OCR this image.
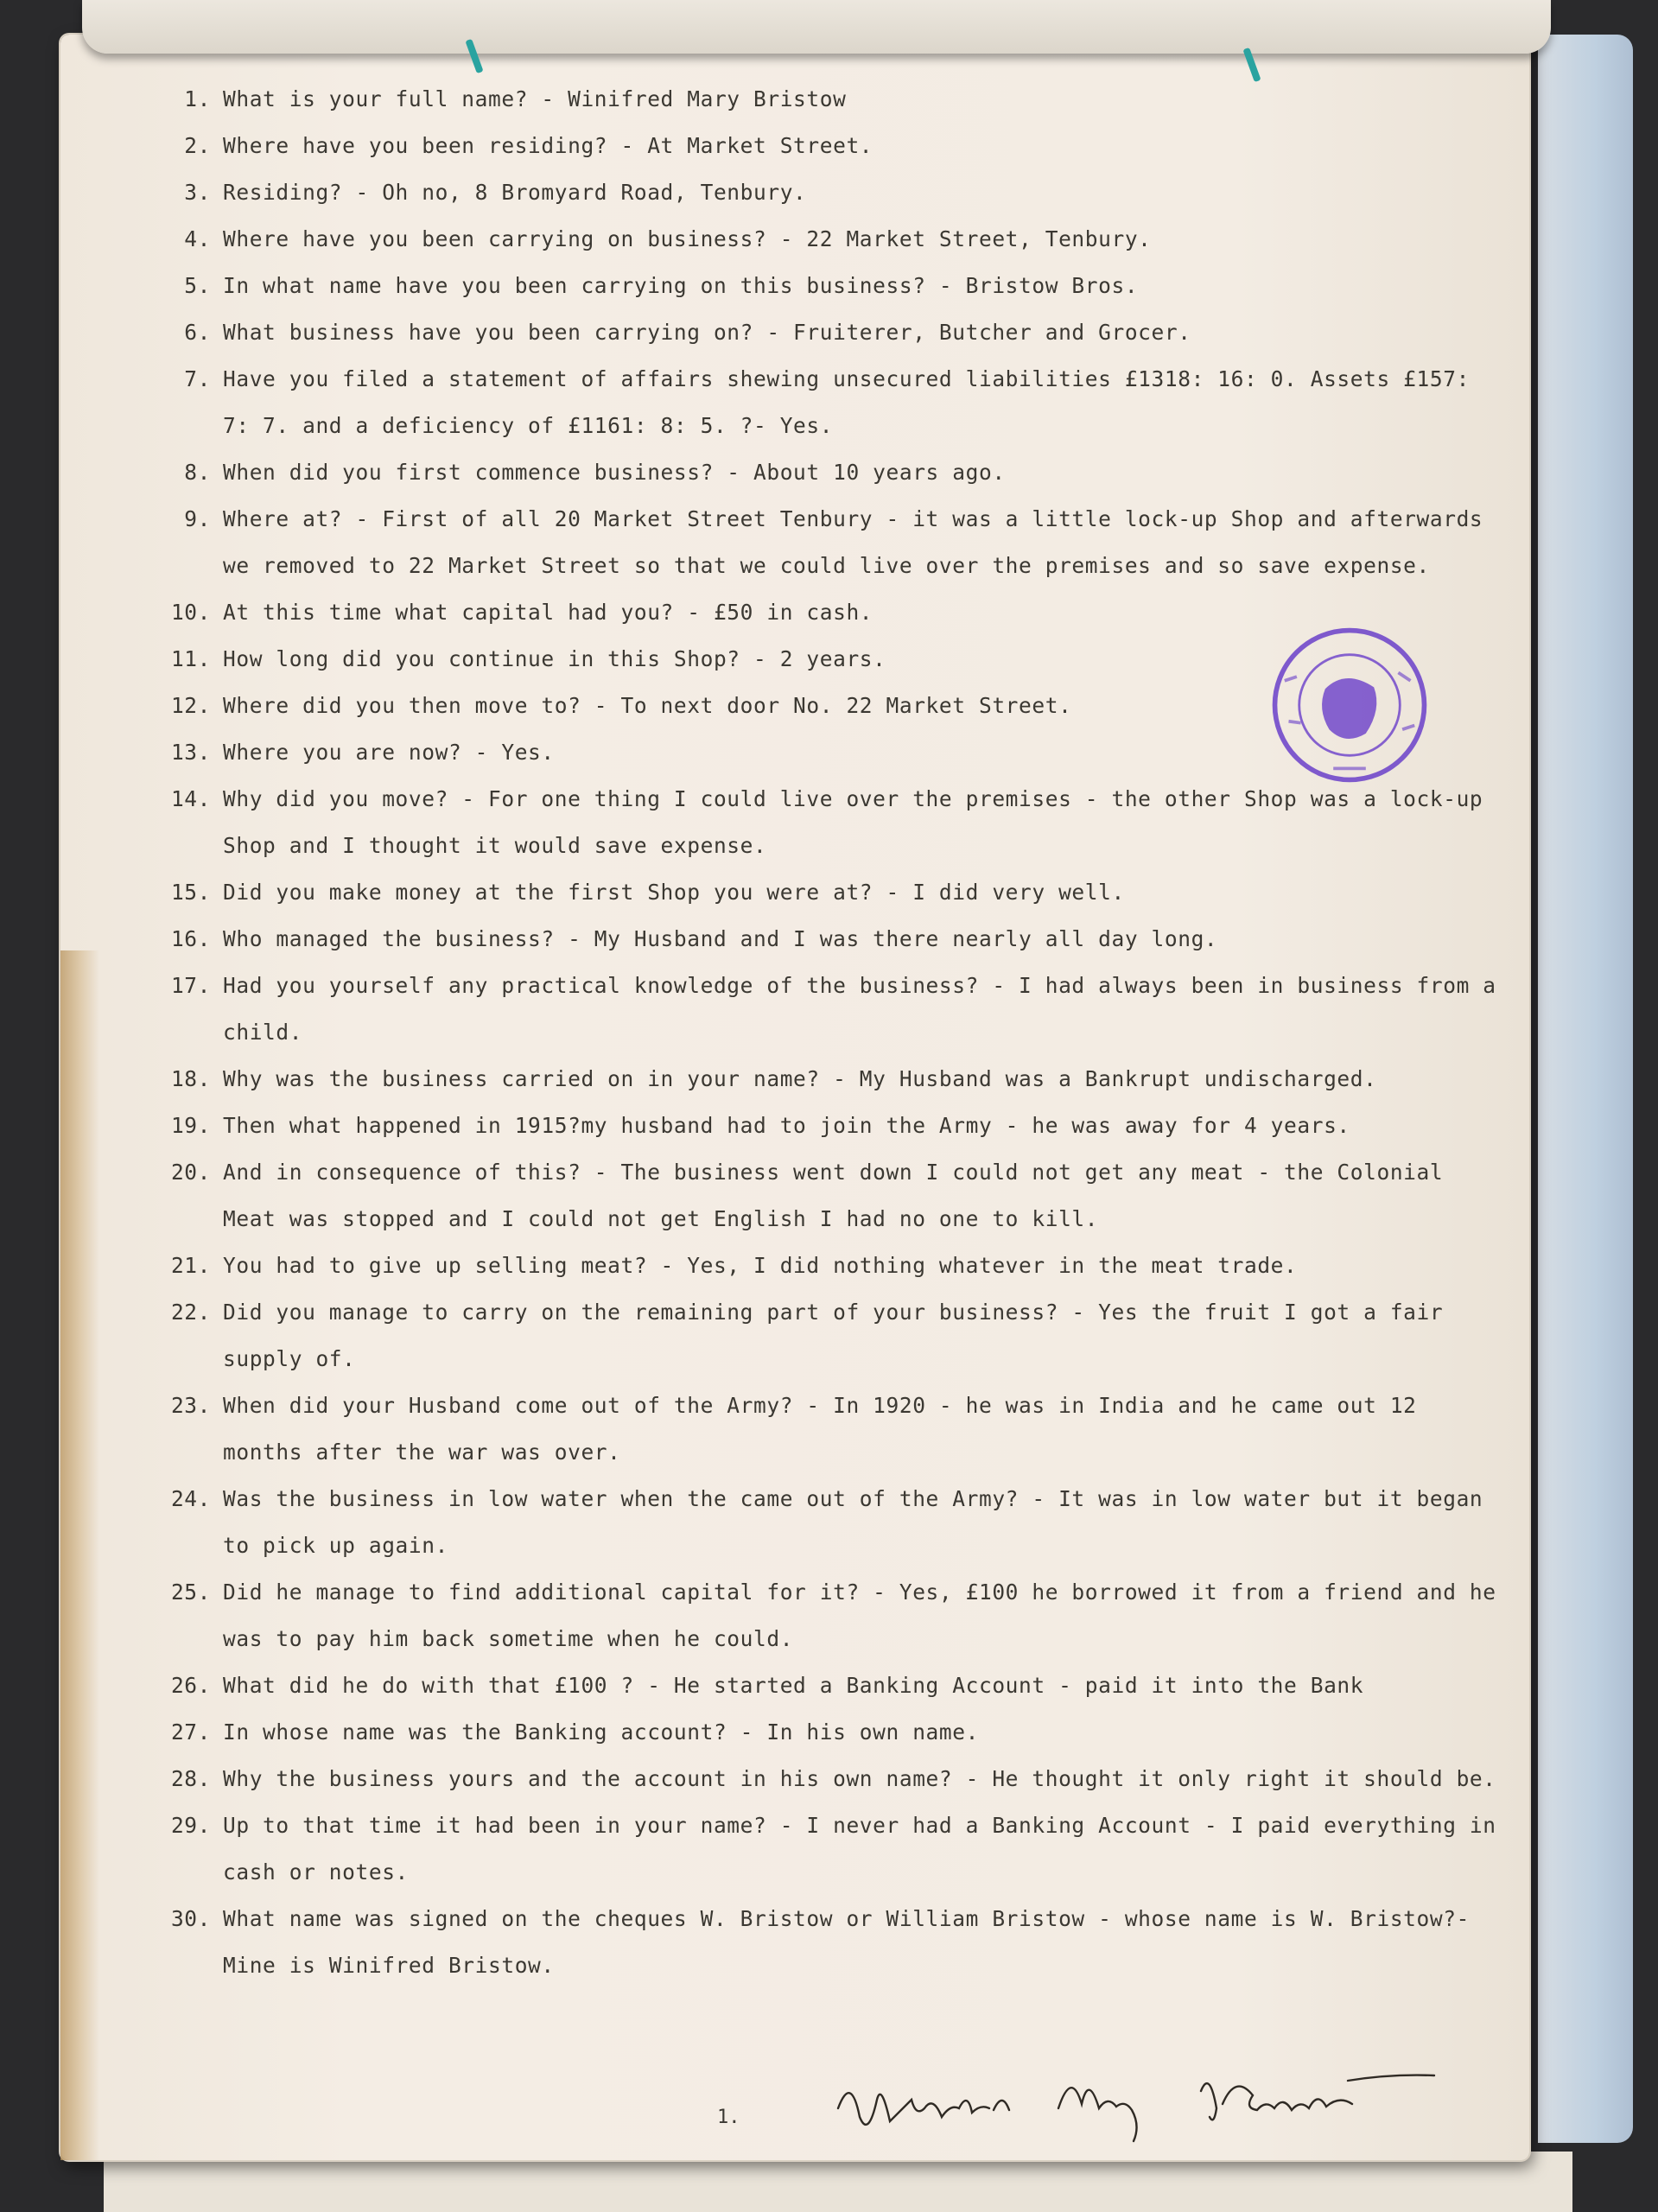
1. What is your full name? - Winifred Mary Bristow
2. Where have you been residing? - At Market Street.
3. Residing? - Oh no, 8 Bromyard Road, Tenbury.
4. Where have you been carrying on business? - 22 Market Street, Tenbury.
5. In what name have you been carrying on this business? - Bristow Bros.
6. What business have you been carrying on? - Fruiterer, Butcher and Grocer.
7. Have you filed a statement of affairs shewing unsecured liabilities £1318: 16: 0. Assets £157: 7: 7. and a deficiency of £1161: 8: 5. ?- Yes.
8. When did you first commence business? - About 10 years ago.
9. Where at? - First of all 20 Market Street Tenbury - it was a little lock-up Shop and afterwards we removed to 22 Market Street so that we could live over the premises and so save expense.
10. At this time what capital had you? - £50 in cash.
11. How long did you continue in this Shop? - 2 years.
12. Where did you then move to? - To next door No. 22 Market Street.
13. Where you are now? - Yes.
14. Why did you move? - For one thing I could live over the premises - the other Shop was a lock-up Shop and I thought it would save expense.
15. Did you make money at the first Shop you were at? - I did very well.
16. Who managed the business? - My Husband and I was there nearly all day long.
17. Had you yourself any practical knowledge of the business? - I had always been in business from a child.
18. Why was the business carried on in your name? - My Husband was a Bankrupt undischarged.
19. Then what happened in 1915?my husband had to join the Army - he was away for 4 years.
20. And in consequence of this? - The business went down I could not get any meat - the Colonial Meat was stopped and I could not get English I had no one to kill.
21. You had to give up selling meat? - Yes, I did nothing whatever in the meat trade.
22. Did you manage to carry on the remaining part of your business? - Yes the fruit I got a fair supply of.
23. When did your Husband come out of the Army? - In 1920 - he was in India and he came out 12 months after the war was over.
24. Was the business in low water when the came out of the Army? - It was in low water but it began to pick up again.
25. Did he manage to find additional capital for it? - Yes, £100 he borrowed it from a friend and he was to pay him back sometime when he could.
26. What did he do with that £100 ? - He started a Banking Account - paid it into the Bank
27. In whose name was the Banking account? - In his own name.
28. Why the business yours and the account in his own name? - He thought it only right it should be.
29. Up to that time it had been in your name? - I never had a Banking Account - I paid everything in cash or notes.
30. What name was signed on the cheques W. Bristow or William Bristow - whose name is W. Bristow?- Mine is Winifred Bristow.
1.
